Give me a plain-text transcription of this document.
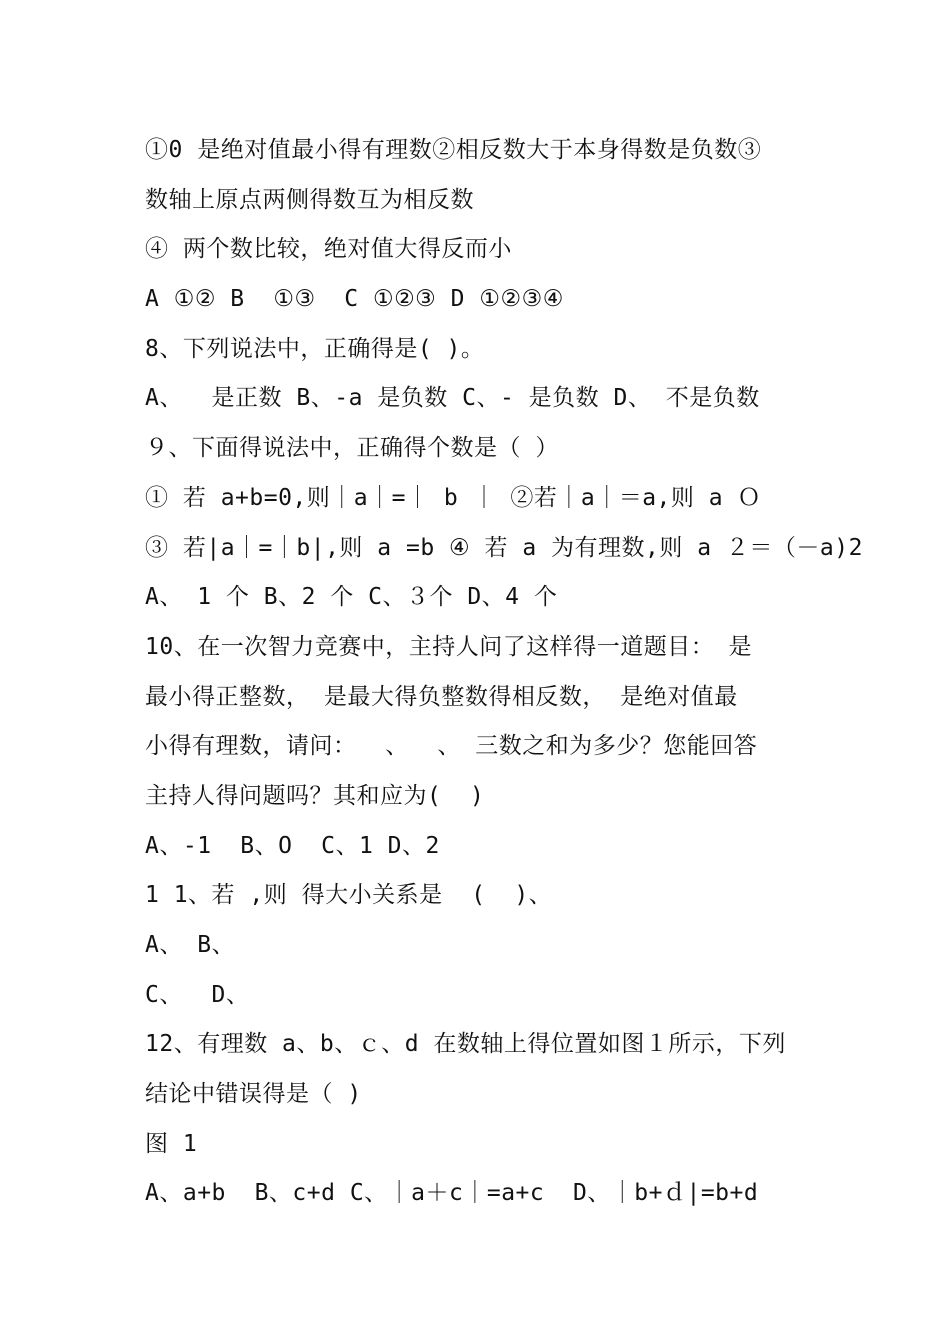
①0 是绝对值最小得有理数②相反数大于本身得数是负数③
数轴上原点两侧得数互为相反数
④ 两个数比较，绝对值大得反而小
A ①② B  ①③  C ①②③ D ①②③④
8、下列说法中，正确得是( )。
A、  是正数 B、-a 是负数 C、- 是负数 D、 不是负数
９、下面得说法中，正确得个数是（ ）
① 若 a+b=0,则｜a｜=｜ b ｜ ②若｜a｜＝a,则 a Ｏ
③ 若|a｜=｜b|,则 a =b ④ 若 a 为有理数,则 a ２＝（－a)2
A、 1 个 B、2 个 C、３个 D、4 个
10、在一次智力竞赛中，主持人问了这样得一道题目： 是
最小得正整数， 是最大得负整数得相反数， 是绝对值最
小得有理数，请问：  、  、 三数之和为多少？您能回答
主持人得问题吗？其和应为(  )
A、-1  B、O  C、1 D、2
1 1、若 ,则 得大小关系是  (  )、
A、 B、
C、  D、
12、有理数 a、b、ｃ、d 在数轴上得位置如图１所示，下列
结论中错误得是（ )
图 1
A、a+b  B、c+d C、｜a＋c｜=a+c  D、｜b+ｄ|=b+d
